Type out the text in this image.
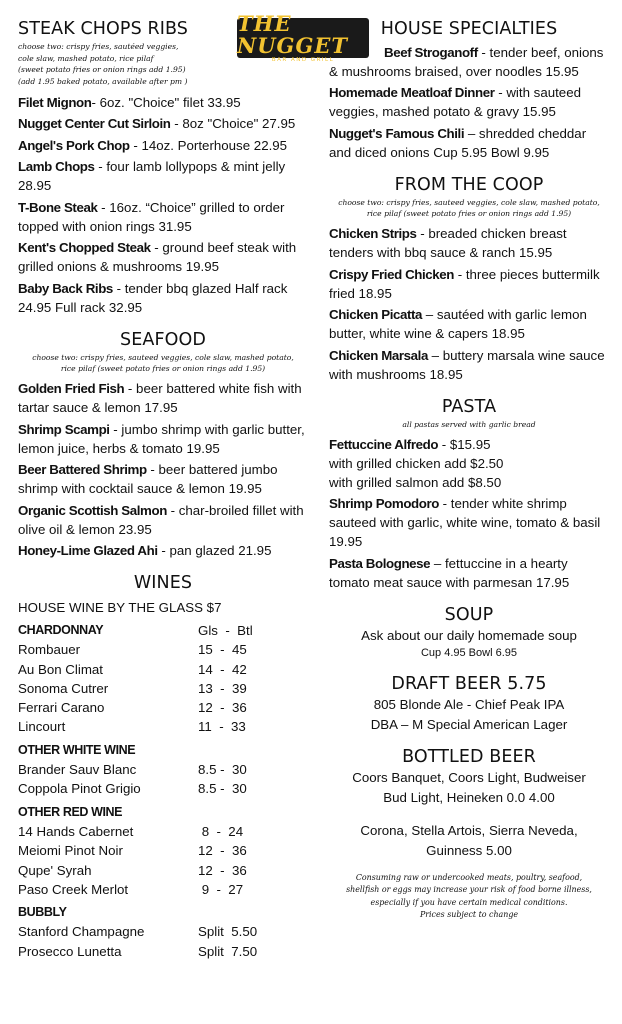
THE NUGGET
BAR AND GRILL
STEAK CHOPS RIBS
choose two: crispy fries, sautéed veggies,
cole slaw, mashed potato, rice pilaf
(sweet potato fries or onion rings add 1.95)
(add 1.95 baked potato, available after pm )
Filet Mignon- 6oz. "Choice" filet 33.95
Nugget Center Cut Sirloin - 8oz "Choice" 27.95
Angel's Pork Chop - 14oz. Porterhouse 22.95
Lamb Chops - four lamb lollypops & mint jelly 28.95
T-Bone Steak - 16oz. “Choice” grilled to order topped with onion rings 31.95
Kent's Chopped Steak - ground beef steak with grilled onions & mushrooms 19.95
Baby Back Ribs - tender bbq glazed Half rack 24.95 Full rack 32.95
SEAFOOD
choose two: crispy fries, sauteed veggies, cole slaw, mashed potato,
rice pilaf (sweet potato fries or onion rings add 1.95)
Golden Fried Fish - beer battered white fish with tartar sauce & lemon 17.95
Shrimp Scampi - jumbo shrimp with garlic butter, lemon juice, herbs & tomato 19.95
Beer Battered Shrimp - beer battered jumbo shrimp with cocktail sauce & lemon 19.95
Organic Scottish Salmon - char-broiled fillet with olive oil & lemon 23.95
Honey-Lime Glazed Ahi - pan glazed 21.95
WINES
HOUSE WINE BY THE GLASS $7
CHARDONNAY	Gls  -  Btl
Rombauer	15  -  45
Au Bon Climat	14  -  42
Sonoma Cutrer	13  -  39
Ferrari Carano	12  -  36
Lincourt	11  -  33
OTHER WHITE WINE
Brander Sauv Blanc	8.5 -  30
Coppola Pinot Grigio	8.5 -  30
OTHER RED WINE
14 Hands Cabernet	8  -  24
Meiomi Pinot Noir	12  -  36
Qupe' Syrah	12  -  36
Paso Creek Merlot	9  -  27
BUBBLY
Stanford Champagne	Split  5.50
Prosecco Lunetta	Split  7.50
HOUSE SPECIALTIES
Beef Stroganoff - tender beef, onions & mushrooms braised, over noodles 15.95
Homemade Meatloaf Dinner - with sauteed veggies, mashed potato & gravy 15.95
Nugget's Famous Chili – shredded cheddar and diced onions Cup 5.95 Bowl 9.95
FROM THE COOP
choose two: crispy fries, sauteed veggies, cole slaw, mashed potato,
rice pilaf (sweet potato fries or onion rings add 1.95)
Chicken Strips - breaded chicken breast tenders with bbq sauce & ranch 15.95
Crispy Fried Chicken - three pieces buttermilk fried 18.95
Chicken Picatta – sautéed with garlic lemon butter, white wine & capers 18.95
Chicken Marsala – buttery marsala wine sauce with mushrooms 18.95
PASTA
all pastas served with garlic bread
Fettuccine Alfredo - $15.95
with grilled chicken add $2.50
with grilled salmon add $8.50
Shrimp Pomodoro - tender white shrimp sauteed with garlic, white wine, tomato & basil 19.95
Pasta Bolognese – fettuccine in a hearty tomato meat sauce with parmesan 17.95
SOUP
Ask about our daily homemade soup
Cup 4.95 Bowl 6.95
DRAFT BEER 5.75
805 Blonde Ale - Chief Peak IPA
DBA – M Special American Lager
BOTTLED BEER
Coors Banquet, Coors Light, Budweiser
Bud Light, Heineken 0.0 4.00
Corona, Stella Artois, Sierra Neveda,
Guinness 5.00
Consuming raw or undercooked meats, poultry, seafood,
shellfish or eggs may increase your risk of food borne illness,
especially if you have certain medical conditions.
Prices subject to change
